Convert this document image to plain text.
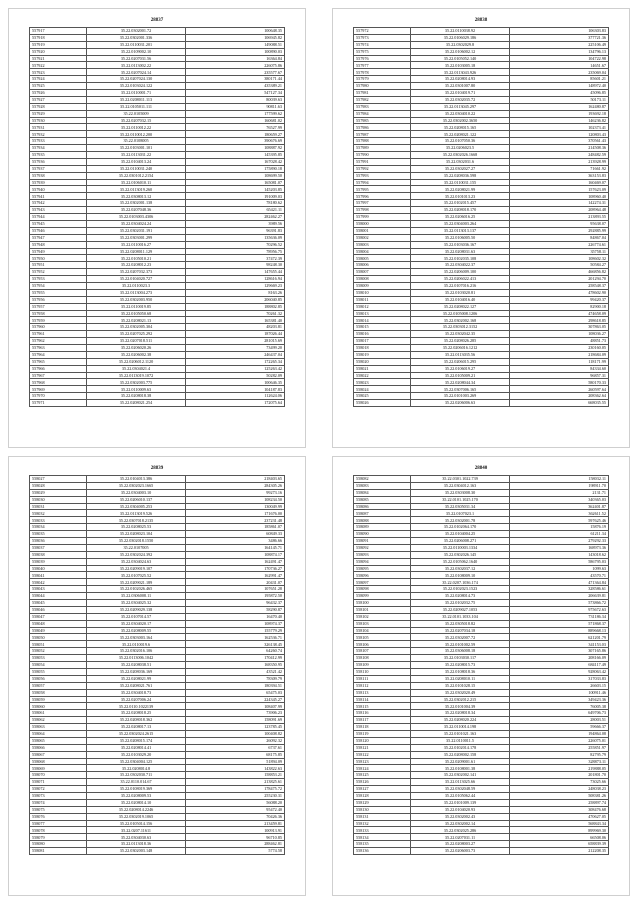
28837
557917	35.22.0302001.72	100648.35
557918	35.22.0302001.336	106945.82
557919	35.22.0110031.201	149088.51
557920	35.22.0109002.10	100890.03
557921	35.22.0207031.56	16364.84
557922	35.22.0113002.22	226075.86
557923	35.22.0207024.14	235577.67
557924	35.22.0207024.130	380171.44
557925	35.22.0103024.122	435389.21
557926	35.22.0110001.71	547127.34
557927	35.22.0208011.113	80039.63
557928	35.22.0105011.111	90811.63
557929	35.22.0105009	177599.62
557930	35.22.0207032.15	160681.02
557931	35.22.0110012.22	76527.99
557932	35.22.0110012.200	180659.27
557933	35.22.0108005	390676.69
557934	35.22.0103001.101	108887.92
557935	35.22.0113031.22	145395.85
557936	35.22.0104013.24	167028.42
557937	35.22.0110031.240	175890.18
557938	35.22.0301012.2154	108699.50
557939	35.22.0106010.11	165081.07
557940	35.22.0113019.260	145203.85
557941	35.22.0308013.12	191009.03
557942	35.22.0302001.138	78180.62
557943	35.22.0207048.36	65421.11
557944	35.22.0103003.4306	282462.27
557945	35.22.0304024.24	3989.56
557946	35.22.0302031.191	96391.83
557947	35.22.0303001.299	135636.09
557948	35.22.0110016.27	70296.52
557949	35.22.0208011.129	78956.75
557950	35.22.0105010.21	37472.39
557951	35.22.0208012.23	98248.30
557952	35.22.0207032.373	147655.44
557953	35.22.0104020.727	128616.94
557954	35.22.0110023.3	129669.23
557955	35.22.0113004.273	8163.26
557956	35.22.0302003.950	206040.85
557957	35.22.0110019.85	188802.85
557958	35.22.0105050.68	70261.32
557959	35.22.0208021.13	165381.40
557960	35.22.0302005.304	48203.81
557961	35.22.0207025.292	187026.44
557962	35.22.0207018.511	281015.69
557963	35.22.0206020.26	73499.20
557964	35.22.0206002.38	246437.04
557965	35.22.0206012.1120	172265.34
557966	35.22.0304021.4	125263.42
557967	35.22.0113019.1072	50282.09
557968	35.22.0302003.775	100646.35
557969	35.22.0110009.63	104187.83
557970	35.22.0208018.38	112624.06
557971	35.22.0208021.254	172075.64
28838
557972	35.22.0110038.92	106303.83
557973	35.22.0106029.186	377721.36
557974	35.22.0302029.8	225106.49
557975	35.22.0106002.12	134796.13
557976	35.22.0105052.140	104722.98
557977	35.22.0103005.18	14651.67
557978	35.22.0113043.926	235069.04
557979	35.22.0208014.93	85601.21
557980	35.22.0301007.80	148972.40
557981	35.22.0104019.71	45096.85
557982	35.22.0302035.72	50173.11
557983	35.22.0113045.297	162480.87
557984	35.22.0304010.22	193692.18
557985	35.22.0302002.3650	146236.82
557986	35.22.0208015.165	102373.41
557987	35.22.0208021.122	120803.43
557988	35.22.0107050.36	370561.43
557989	35.22.0206023.5	214508.36
557990	35.22.0302026.1668	248482.59
557991	35.22.0302031.6	213928.99
557992	35.22.0302027.27	71661.92
557993	35.22.0208036.598	363153.83
557994	35.22.0110031.155	160469.07
557995	35.22.0208021.99	157623.09
557996	35.22.0101013.23	108960.40
557997	35.22.0102015.457	142274.31
557998	35.22.0208018.170	208964.48
557999	35.22.0206016.25	213893.55
558000	35.22.0304003.264	95638.07
558001	35.22.0113013.137	292885.99
558002	35.22.0106005.50	84867.04
558003	35.22.0103036.167	226774.61
558004	35.22.0208031.63	35758.11
558005	35.22.0102035.108	108602.32
558006	35.22.0304022.37	50584.27
558007	35.22.0206009.100	466856.82
558008	35.22.0206022.413	201294.70
558009	35.22.0107016.216	258548.37
558010	35.22.0103020.81	478602.90
558011	35.22.0104016.40	99420.37
558012	35.22.0208022.127	82900.18
558013	35.22.0105008.1206	474658.09
558014	35.22.0302002.168	298618.85
558015	35.22.0303012.3152	307863.05
558016	35.22.0302042.35	108036.27
558017	35.22.0208026.285	48851.73
558018	35.22.0206016.1212	230160.05
558019	35.22.0113035.56	218684.09
558020	35.22.0206015.295	118171.99
558021	35.22.0106019.27	84334.60
558022	35.22.0105009.21	96857.31
558023	35.22.0208044.34	580170.33
558024	35.22.0307006.165	260597.64
558025	35.22.0101003.269	208362.64
558026	35.22.0206006.63	668035.55
28839
558027	35.22.0104013.386	218403.65
558028	35.22.0302023.1665	284305.26
558029	35.22.0304003.10	99273.16
558030	35.22.0206010.137	108234.50
558031	35.22.0304005.253	130049.99
558032	35.22.0113019.526	171676.00
558033	35.22.0307018.2135	237231.48
558034	35.22.0208025.53	185861.07
558035	35.22.0208023.104	60849.33
558036	35.22.0302018.1550	3486.66
558037	35.22.0107005	164145.71
558038	35.22.0302024.392	108874.17
558039	35.22.0304024.63	162491.47
558040	35.22.0209019.107	170736.27
558041	35.22.0107025.52	162991.47
558042	35.22.0209021.189	20431.07
558043	35.22.0102026.465	107651.28
558044	35.22.0306008.11	195872.50
558045	35.22.0304025.32	96432.37
558046	35.22.0209029.138	58290.87
558047	35.22.0107014.57	16470.40
558048	35.22.0304020.17	108974.37
558049	35.22.0208009.55	155779.29
558050	35.22.0303003.164	162536.71
558051	35.22.0110019.6	326138.45
558052	35.22.0302016.106	64260.74
558053	35.22.0113006.1042	170412.99
558054	35.22.0208038.51	168350.95
558055	35.22.0208036.169	43521.42
558056	35.22.0208021.99	78309.79
558057	35.22.0208021.761	180394.51
558058	35.22.0304018.73	65475.03
558059	35.22.0207006.24	224345.27
558060	35.22.0110.1022139	108407.99
558061	35.22.0208018.25	73906.23
558062	35.22.0208018.362	158091.69
558063	35.22.0208017.13	123785.45
558064	35.22.0302024.2615	100408.82
558065	35.22.0208015.174	26092.32
558066	35.22.0208014.41	6737.61
558067	35.22.0103029.20	68175.85
558068	35.22.0304004.125	51894.09
558069	35.22.0208014.8	143822.63
558070	35.22.0302030.711	158853.21
558071	35.22.0110.014.67	213825.61
558072	35.22.0108019.369	178475.72
558073	35.22.0208009.53	255230.31
558074	35.22.0208014.10	56088.20
558075	35.22.0208014.2246	95472.40
558076	35.22.0302019.1065	70426.36
558077	35.22.0105014.156	213459.81
558078	35.22.0207.11611	100913.91
558079	35.22.0304030.63	96710.85
558080	35.22.0113018.36	288462.81
558081	35.22.0302003.148	5774.58
28840
558082	35.22.0301.1022.739	158032.11
558083	35.22.0304012.163	198911.70
558084	35.22.0303008.30	2131.71
558085	35.22.0101.1025.170	340365.03
558086	35.22.0305031.34	362401.87
558087	35.22.0107023.1	362611.52
558088	35.22.0302001.78	597625.46
558089	35.22.0102064.170	15876.19
558090	35.22.0104004.25	61211.34
558091	35.22.0206008.271	279292.33
558092	35.22.0110003.1334	168973.36
558093	35.22.0302026.145	143018.62
558094	35.22.0105062.1640	586795.03
558095	35.22.0302037.12	1099.63
558096	35.22.0108009.10	43570.71
558097	35.22.0207.1036.174	471364.84
558098	35.22.0102023.1523	328586.61
558099	35.22.0208014.73	206639.81
558100	35.22.0102032.75	573866.72
558101	35.22.0209027.1053	975672.63
558102	35.22.0101.1033.104	731186.34
558103	35.22.0305018.82	571868.37
558104	35.22.0207034.18	889668.13
558105	35.22.0302007.72	621201.79
558106	35.22.0101002.59	341153.03
558107	35.22.0306008.18	307165.86
558108	35.22.0103030.117	208166.09
558109	35.22.0208015.73	684117.49
558110	35.22.0108018.36	928063.42
558111	35.22.0208010.11	317033.83
558112	35.22.0101028.15	26603.15
558113	35.22.0302020.49	100911.46
558114	35.22.0302012.215	349423.36
558115	35.22.0101004.39	76005.38
558116	35.22.0208018.34	649706.73
558117	35.22.0208020.224	28003.51
558118	35.22.0110014.198	59666.37
558119	35.22.0101021.163	194864.08
558120	35.22.0110011.5	226075.01
558121	35.22.0102014.178	255851.97
558122	35.22.0208002.158	82795.79
558123	35.22.0209001.61	328873.11
558124	35.22.0108001.38	219888.05
558125	35.22.0302002.141	201801.70
558126	35.22.0113025.66	73025.66
558127	35.22.0302048.59	248038.23
558128	35.22.0105062.44	508381.26
558129	35.22.0101009.139	258897.74
558130	35.22.0104020.93	308476.68
558131	35.22.0302002.43	470627.05
558132	35.22.0302002.14	568843.34
558133	35.22.0302025.286	899969.30
558134	35.22.0207031.11	66508.06
558135	35.22.0208003.27	658839.39
558136	35.22.0206003.73	212208.35
